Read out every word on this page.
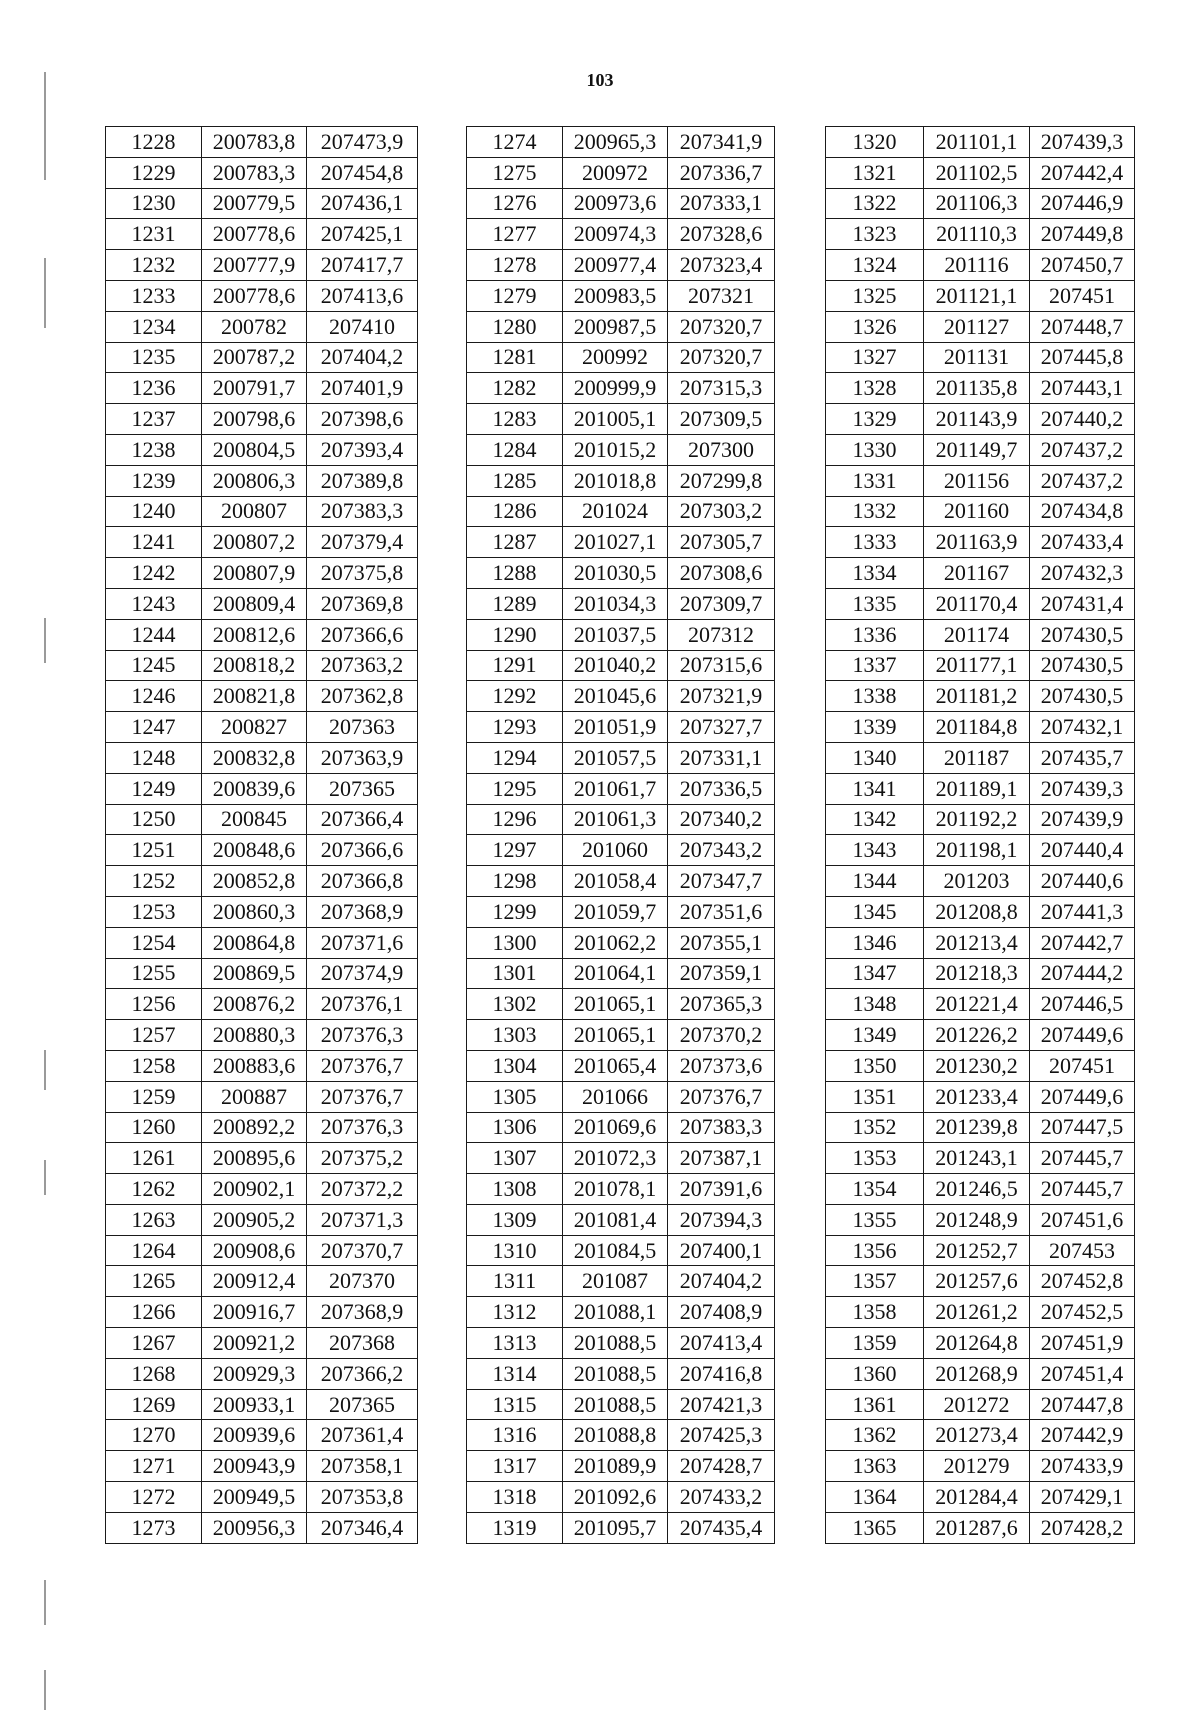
103
1228	200783,8	207473,9
1229	200783,3	207454,8
1230	200779,5	207436,1
1231	200778,6	207425,1
1232	200777,9	207417,7
1233	200778,6	207413,6
1234	200782	207410
1235	200787,2	207404,2
1236	200791,7	207401,9
1237	200798,6	207398,6
1238	200804,5	207393,4
1239	200806,3	207389,8
1240	200807	207383,3
1241	200807,2	207379,4
1242	200807,9	207375,8
1243	200809,4	207369,8
1244	200812,6	207366,6
1245	200818,2	207363,2
1246	200821,8	207362,8
1247	200827	207363
1248	200832,8	207363,9
1249	200839,6	207365
1250	200845	207366,4
1251	200848,6	207366,6
1252	200852,8	207366,8
1253	200860,3	207368,9
1254	200864,8	207371,6
1255	200869,5	207374,9
1256	200876,2	207376,1
1257	200880,3	207376,3
1258	200883,6	207376,7
1259	200887	207376,7
1260	200892,2	207376,3
1261	200895,6	207375,2
1262	200902,1	207372,2
1263	200905,2	207371,3
1264	200908,6	207370,7
1265	200912,4	207370
1266	200916,7	207368,9
1267	200921,2	207368
1268	200929,3	207366,2
1269	200933,1	207365
1270	200939,6	207361,4
1271	200943,9	207358,1
1272	200949,5	207353,8
1273	200956,3	207346,4
1274	200965,3	207341,9
1275	200972	207336,7
1276	200973,6	207333,1
1277	200974,3	207328,6
1278	200977,4	207323,4
1279	200983,5	207321
1280	200987,5	207320,7
1281	200992	207320,7
1282	200999,9	207315,3
1283	201005,1	207309,5
1284	201015,2	207300
1285	201018,8	207299,8
1286	201024	207303,2
1287	201027,1	207305,7
1288	201030,5	207308,6
1289	201034,3	207309,7
1290	201037,5	207312
1291	201040,2	207315,6
1292	201045,6	207321,9
1293	201051,9	207327,7
1294	201057,5	207331,1
1295	201061,7	207336,5
1296	201061,3	207340,2
1297	201060	207343,2
1298	201058,4	207347,7
1299	201059,7	207351,6
1300	201062,2	207355,1
1301	201064,1	207359,1
1302	201065,1	207365,3
1303	201065,1	207370,2
1304	201065,4	207373,6
1305	201066	207376,7
1306	201069,6	207383,3
1307	201072,3	207387,1
1308	201078,1	207391,6
1309	201081,4	207394,3
1310	201084,5	207400,1
1311	201087	207404,2
1312	201088,1	207408,9
1313	201088,5	207413,4
1314	201088,5	207416,8
1315	201088,5	207421,3
1316	201088,8	207425,3
1317	201089,9	207428,7
1318	201092,6	207433,2
1319	201095,7	207435,4
1320	201101,1	207439,3
1321	201102,5	207442,4
1322	201106,3	207446,9
1323	201110,3	207449,8
1324	201116	207450,7
1325	201121,1	207451
1326	201127	207448,7
1327	201131	207445,8
1328	201135,8	207443,1
1329	201143,9	207440,2
1330	201149,7	207437,2
1331	201156	207437,2
1332	201160	207434,8
1333	201163,9	207433,4
1334	201167	207432,3
1335	201170,4	207431,4
1336	201174	207430,5
1337	201177,1	207430,5
1338	201181,2	207430,5
1339	201184,8	207432,1
1340	201187	207435,7
1341	201189,1	207439,3
1342	201192,2	207439,9
1343	201198,1	207440,4
1344	201203	207440,6
1345	201208,8	207441,3
1346	201213,4	207442,7
1347	201218,3	207444,2
1348	201221,4	207446,5
1349	201226,2	207449,6
1350	201230,2	207451
1351	201233,4	207449,6
1352	201239,8	207447,5
1353	201243,1	207445,7
1354	201246,5	207445,7
1355	201248,9	207451,6
1356	201252,7	207453
1357	201257,6	207452,8
1358	201261,2	207452,5
1359	201264,8	207451,9
1360	201268,9	207451,4
1361	201272	207447,8
1362	201273,4	207442,9
1363	201279	207433,9
1364	201284,4	207429,1
1365	201287,6	207428,2
